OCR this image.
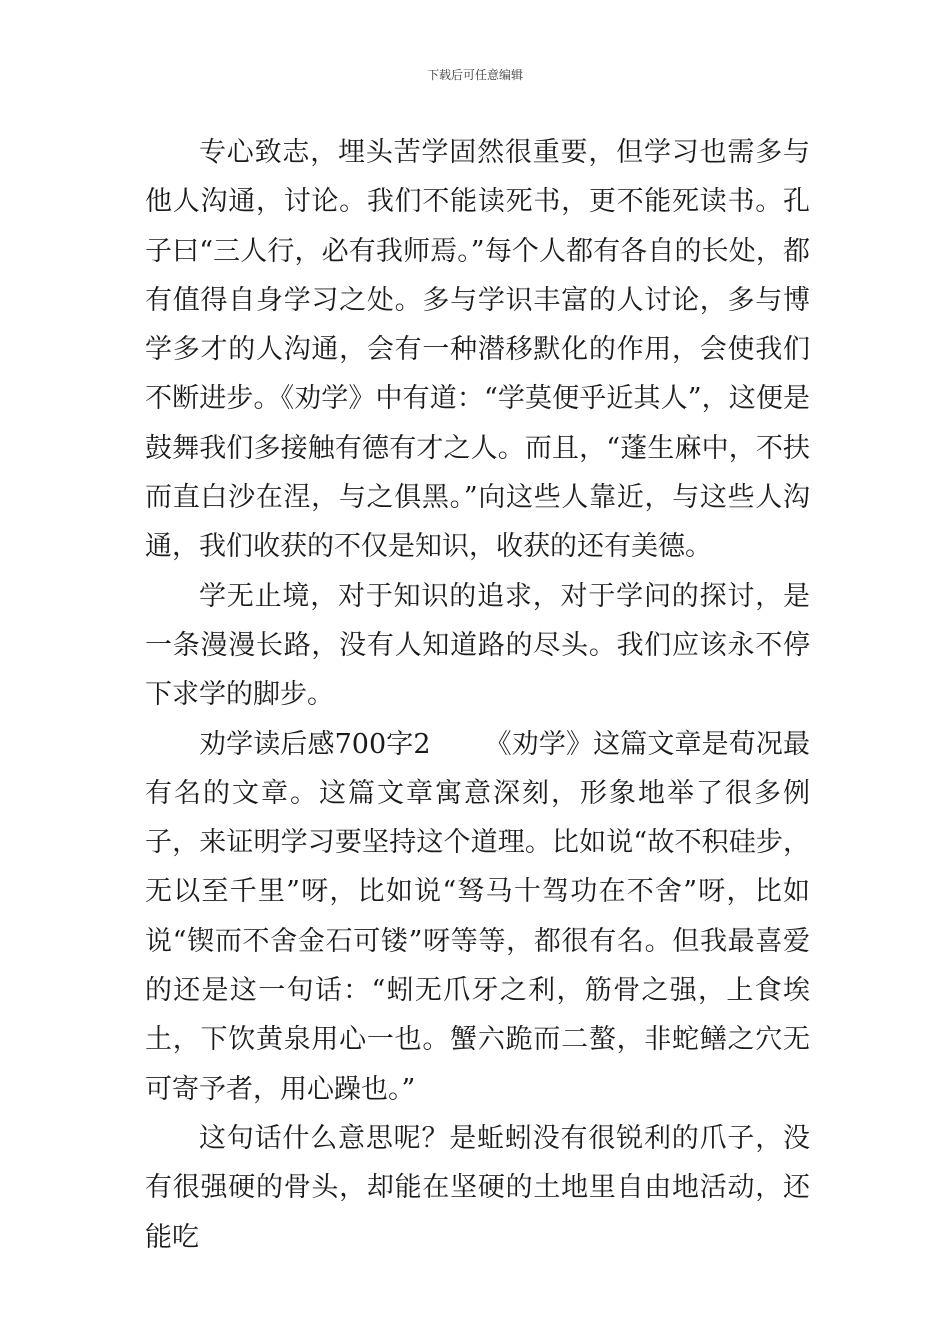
下载后可任意编辑

专心致志，埋头苦学固然很重要，但学习也需多与他人沟通，讨论。我们不能读死书，更不能死读书。孔子曰“三人行，必有我师焉。”每个人都有各自的长处，都有值得自身学习之处。多与学识丰富的人讨论，多与博学多才的人沟通，会有一种潜移默化的作用，会使我们不断进步。《劝学》中有道：“学莫便乎近其人”，这便是鼓舞我们多接触有德有才之人。而且，“蓬生麻中，不扶而直白沙在涅，与之俱黑。”向这些人靠近，与这些人沟通，我们收获的不仅是知识，收获的还有美德。

学无止境，对于知识的追求，对于学问的探讨，是一条漫漫长路，没有人知道路的尽头。我们应该永不停下求学的脚步。

劝学读后感700字2 《劝学》这篇文章是荀况最有名的文章。这篇文章寓意深刻，形象地举了很多例子，来证明学习要坚持这个道理。比如说“故不积硅步，无以至千里”呀，比如说“驽马十驾功在不舍”呀，比如说“锲而不舍金石可镂”呀等等，都很有名。但我最喜爱的还是这一句话：“蚓无爪牙之利，筋骨之强，上食埃土，下饮黄泉用心一也。蟹六跪而二螯，非蛇鳝之穴无可寄予者，用心躁也。”

这句话什么意思呢？是蚯蚓没有很锐利的爪子，没有很强硬的骨头，却能在坚硬的土地里自由地活动，还能吃
